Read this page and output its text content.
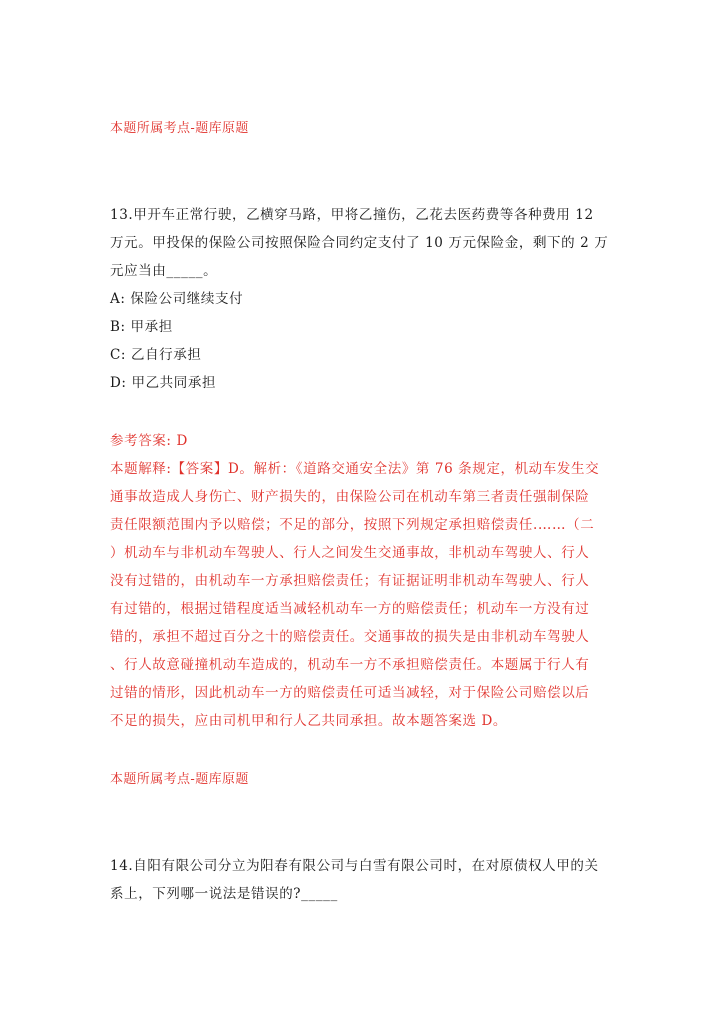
本题所属考点-题库原题
13.甲开车正常行驶，乙横穿马路，甲将乙撞伤，乙花去医药费等各种费用 12
万元。甲投保的保险公司按照保险合同约定支付了 10 万元保险金，剩下的 2 万
元应当由_____。
A: 保险公司继续支付
B: 甲承担
C: 乙自行承担
D: 甲乙共同承担
参考答案: D
本题解释:【答案】D。解析：《道路交通安全法》第 76 条规定，机动车发生交
通事故造成人身伤亡、财产损失的，由保险公司在机动车第三者责任强制保险
责任限额范围内予以赔偿；不足的部分，按照下列规定承担赔偿责任.……（二
）机动车与非机动车驾驶人、行人之间发生交通事故，非机动车驾驶人、行人
没有过错的，由机动车一方承担赔偿责任；有证据证明非机动车驾驶人、行人
有过错的，根据过错程度适当减轻机动车一方的赔偿责任；机动车一方没有过
错的，承担不超过百分之十的赔偿责任。交通事故的损失是由非机动车驾驶人
、行人故意碰撞机动车造成的，机动车一方不承担赔偿责任。本题属于行人有
过错的情形，因此机动车一方的赔偿责任可适当减轻，对于保险公司赔偿以后
不足的损失，应由司机甲和行人乙共同承担。故本题答案选 D。
本题所属考点-题库原题
14.自阳有限公司分立为阳春有限公司与白雪有限公司时，在对原债权人甲的关
系上，下列哪一说法是错误的?_____
